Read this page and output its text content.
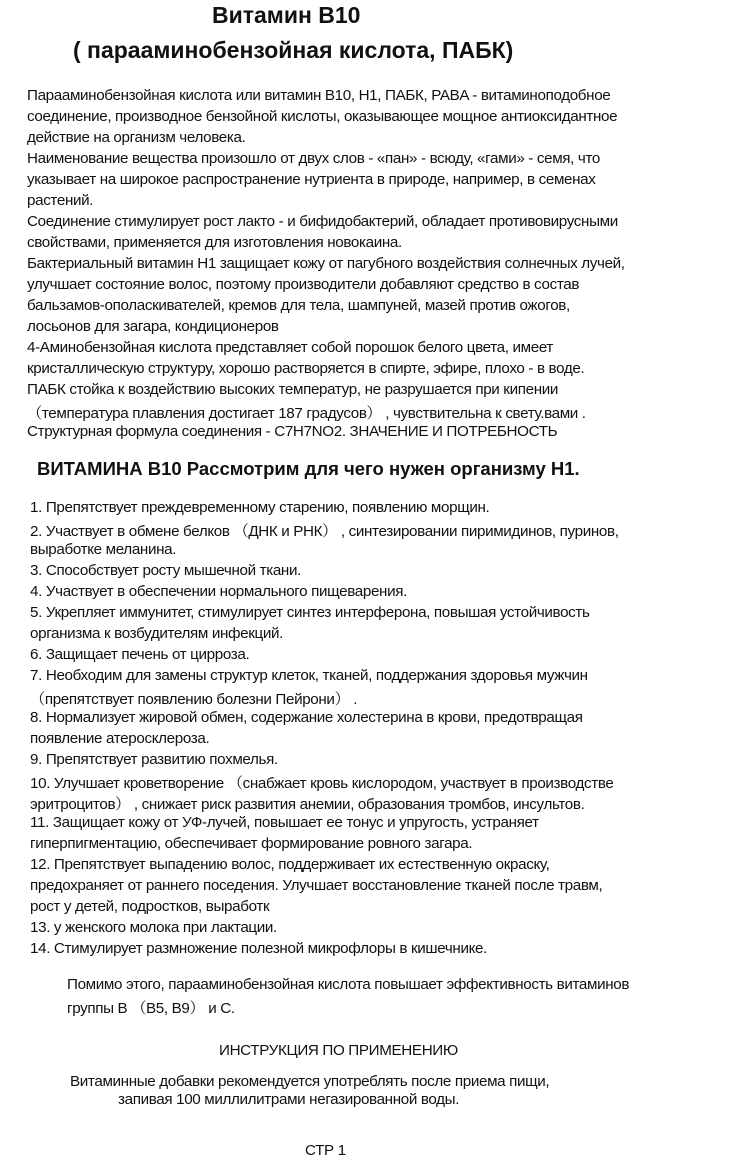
Витамин В10
( парааминобензойная кислота, ПАБК)
Парааминобензойная кислота или витамин В10, Н1, ПАБК, PABA - витаминоподобное
соединение, производное бензойной кислоты, оказывающее мощное антиоксидантное
действие на организм человека.
Наименование вещества произошло от двух слов - «пан» - всюду, «гами» - семя, что
указывает на широкое распространение нутриента в природе, например, в семенах
растений.
Соединение стимулирует рост лакто - и бифидобактерий, обладает противовирусными
свойствами, применяется для изготовления новокаина.
Бактериальный витамин Н1 защищает кожу от пагубного воздействия солнечных лучей,
улучшает состояние волос, поэтому производители добавляют средство в состав
бальзамов-ополаскивателей, кремов для тела, шампуней, мазей против ожогов,
лосьонов для загара, кондиционеров
4-Аминобензойная кислота представляет собой порошок белого цвета, имеет
кристаллическую структуру, хорошо растворяется в спирте, эфире, плохо - в воде.
ПАБК стойка к воздействию высоких температур, не разрушается при кипении
（температура плавления достигает 187 градусов） , чувствительна к свету.вами .
Структурная формула соединения - C7H7NO2. ЗНАЧЕНИЕ И ПОТРЕБНОСТЬ
ВИТАМИНА В10 Рассмотрим для чего нужен организму Н1.
1. Препятствует преждевременному старению, появлению морщин.
2. Участвует в обмене белков （ДНК и РНК） , синтезировании пиримидинов, пуринов,
выработке меланина.
3. Способствует росту мышечной ткани.
4. Участвует в обеспечении нормального пищеварения.
5. Укрепляет иммунитет, стимулирует синтез интерферона, повышая устойчивость
организма к возбудителям инфекций.
6. Защищает печень от цирроза.
7. Необходим для замены структур клеток, тканей, поддержания здоровья мужчин
（препятствует появлению болезни Пейрони） .
8. Нормализует жировой обмен, содержание холестерина в крови, предотвращая
появление атеросклероза.
9. Препятствует развитию похмелья.
10. Улучшает кроветворение （снабжает кровь кислородом, участвует в производстве
эритроцитов） , снижает риск развития анемии, образования тромбов, инсультов.
11. Защищает кожу от УФ-лучей, повышает ее тонус и упругость, устраняет
гиперпигментацию, обеспечивает формирование ровного загара.
12. Препятствует выпадению волос, поддерживает их естественную окраску,
предохраняет от раннего поседения. Улучшает восстановление тканей после травм,
рост у детей, подростков, выработк
13. у женского молока при лактации.
14. Стимулирует размножение полезной микрофлоры в кишечнике.
Помимо этого, парааминобензойная кислота повышает эффективность витаминов
группы В （В5, В9） и С.
ИНСТРУКЦИЯ ПО ПРИМЕНЕНИЮ
Витаминные добавки рекомендуется употреблять после приема пищи,
запивая 100 миллилитрами негазированной воды.
СТР 1
